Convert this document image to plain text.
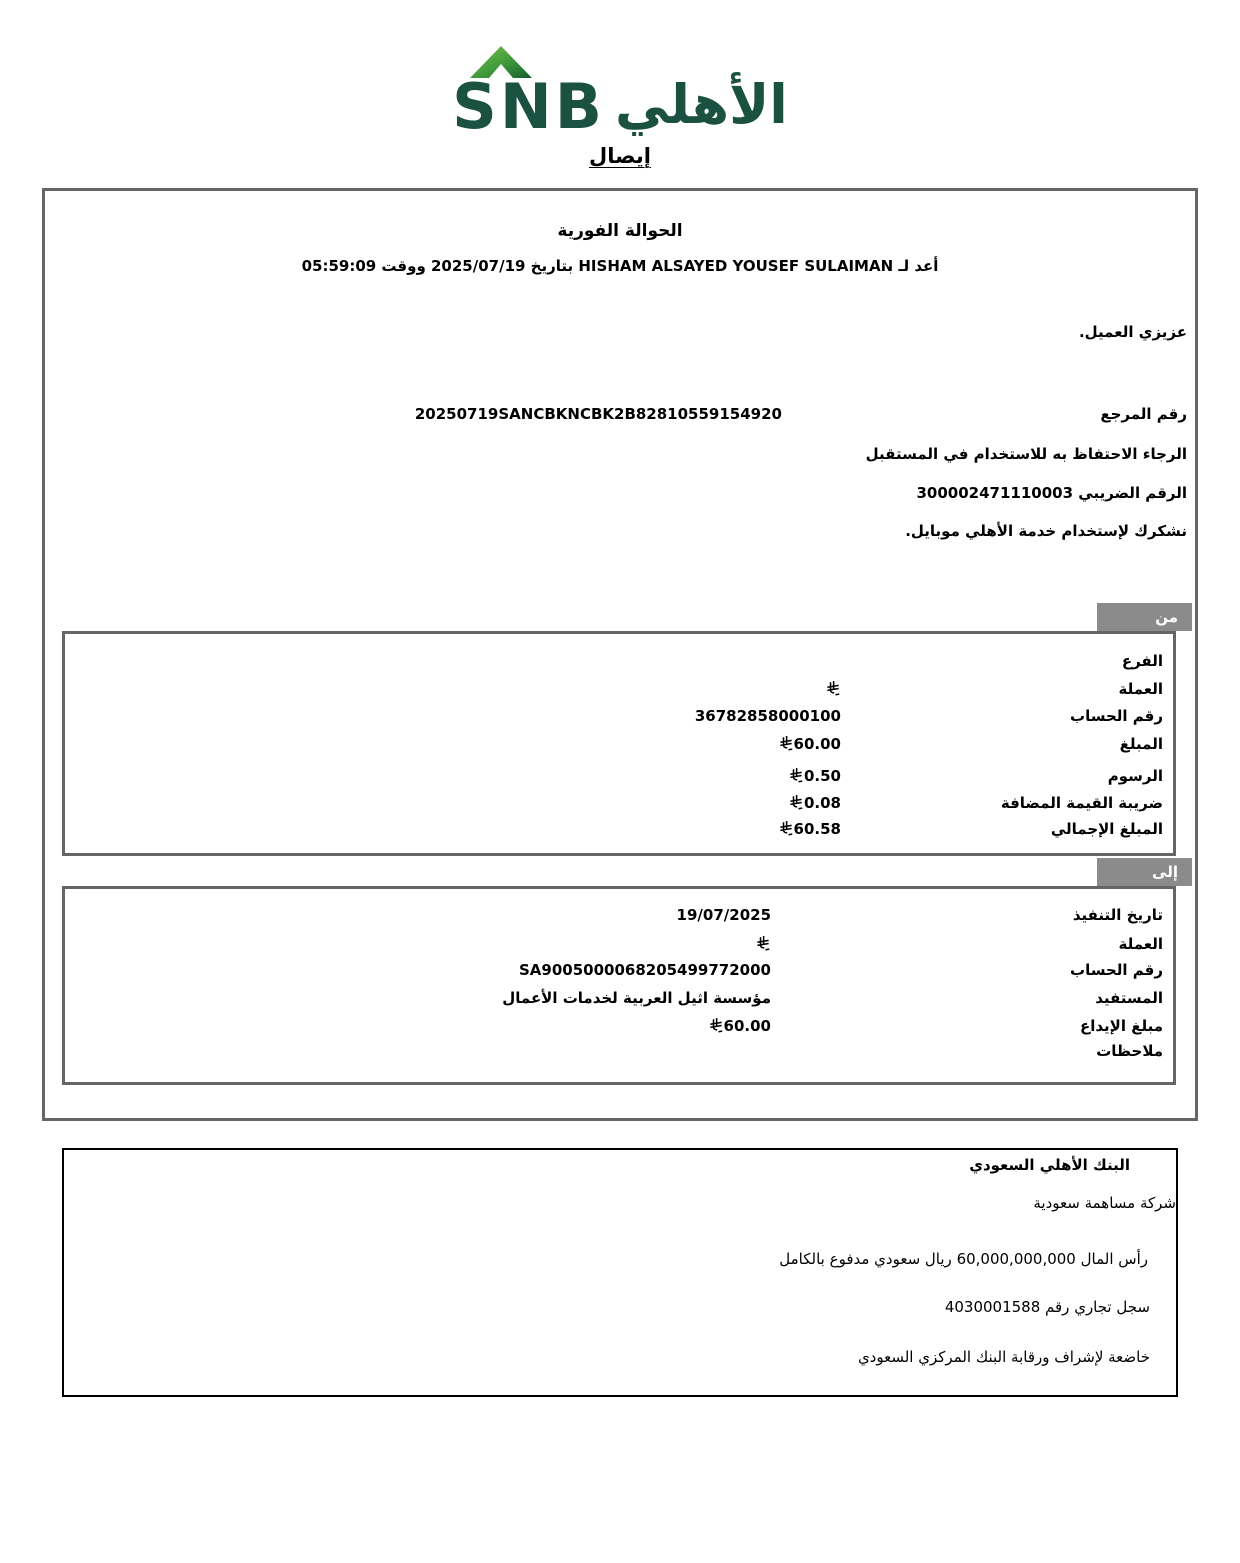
SNB الأهلي
إيصال
الحوالة الفورية
أعد لـ HISHAM ALSAYED YOUSEF SULAIMAN بتاريخ 2025/07/19 ووقت 05:59:09
عزيزي العميل.
رقم المرجع
20250719SANCBKNCBK2B82810559154920
الرجاء الاحتفاظ به للاستخدام في المستقبل
الرقم الضريبي 300002471110003
نشكرك لإستخدام خدمة الأهلي موبايل.
من
الفرع
العملة
رقم الحساب
36782858000100
المبلغ
60.00
الرسوم
0.50
ضريبة القيمة المضافة
0.08
المبلغ الإجمالي
60.58
إلى
تاريخ التنفيذ
19/07/2025
العملة
رقم الحساب
SA9005000068205499772000
المستفيد
مؤسسة اثيل العربية لخدمات الأعمال
مبلغ الإيداع
60.00
ملاحظات
البنك الأهلي السعودي
شركة مساهمة سعودية
رأس المال 60,000,000,000 ريال سعودي مدفوع بالكامل
سجل تجاري رقم 4030001588
خاضعة لإشراف ورقابة البنك المركزي السعودي
